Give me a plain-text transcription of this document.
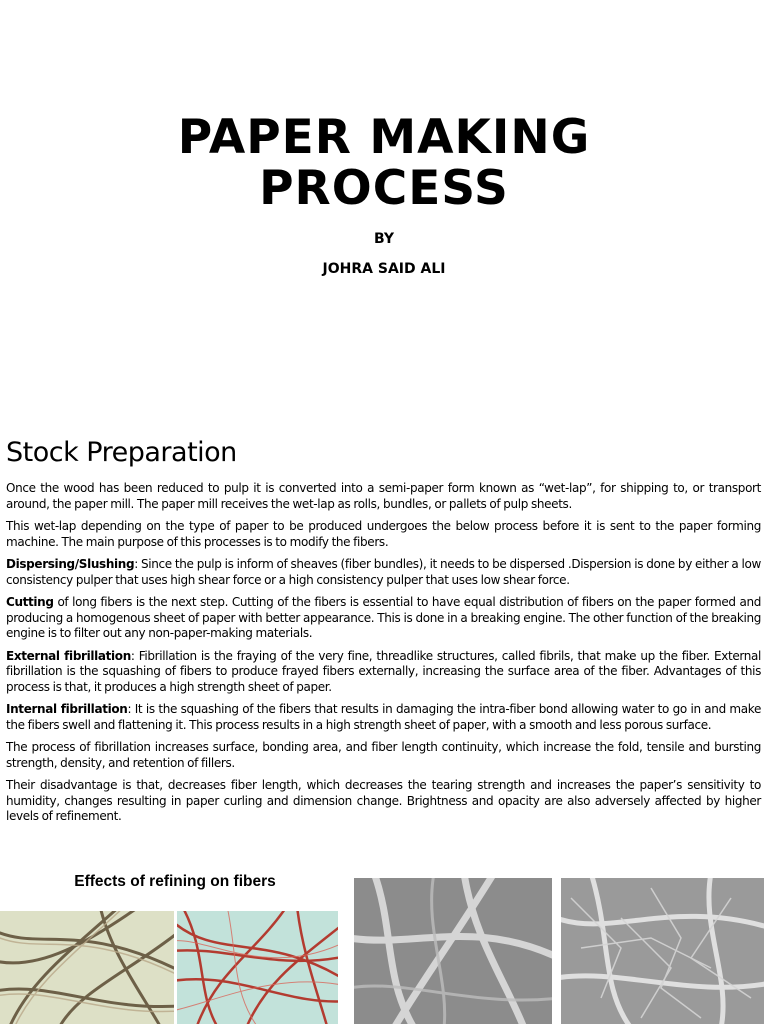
PAPER MAKING
PROCESS
BY
JOHRA SAID ALI
Stock Preparation

Once the wood has been reduced to pulp it is converted into a semi-paper form known as “wet-lap”, for shipping to, or transport around, the paper mill. The paper mill receives the wet-lap as rolls, bundles, or pallets of pulp sheets.

This wet-lap depending on the type of paper to be produced undergoes the below process before it is sent to the paper forming machine. The main purpose of this processes is to modify the fibers.

Dispersing/Slushing: Since the pulp is inform of sheaves (fiber bundles), it needs to be dispersed .Dispersion is done by either a low consistency pulper that uses high shear force or a high consistency pulper that uses low shear force.

Cutting of long fibers is the next step. Cutting of the fibers is essential to have equal distribution of fibers on the paper formed and producing a homogenous sheet of paper with better appearance. This is done in a breaking engine. The other function of the breaking engine is to filter out any non-paper-making materials.

External fibrillation: Fibrillation is the fraying of the very fine, threadlike structures, called fibrils, that make up the fiber. External fibrillation is the squashing of fibers to produce frayed fibers externally, increasing the surface area of the fiber. Advantages of this process is that, it produces a high strength sheet of paper.

Internal fibrillation: It is the squashing of the fibers that results in damaging the intra-fiber bond allowing water to go in and make the fibers swell and flattening it. This process results in a high strength sheet of paper, with a smooth and less porous surface.

The process of fibrillation increases surface, bonding area, and fiber length continuity, which increase the fold, tensile and bursting strength, density, and retention of fillers.

Their disadvantage is that, decreases fiber length, which decreases the tearing strength and increases the paper’s sensitivity to humidity, changes resulting in paper curling and dimension change. Brightness and opacity are also adversely affected by higher levels of refinement.

Effects of refining on fibers
